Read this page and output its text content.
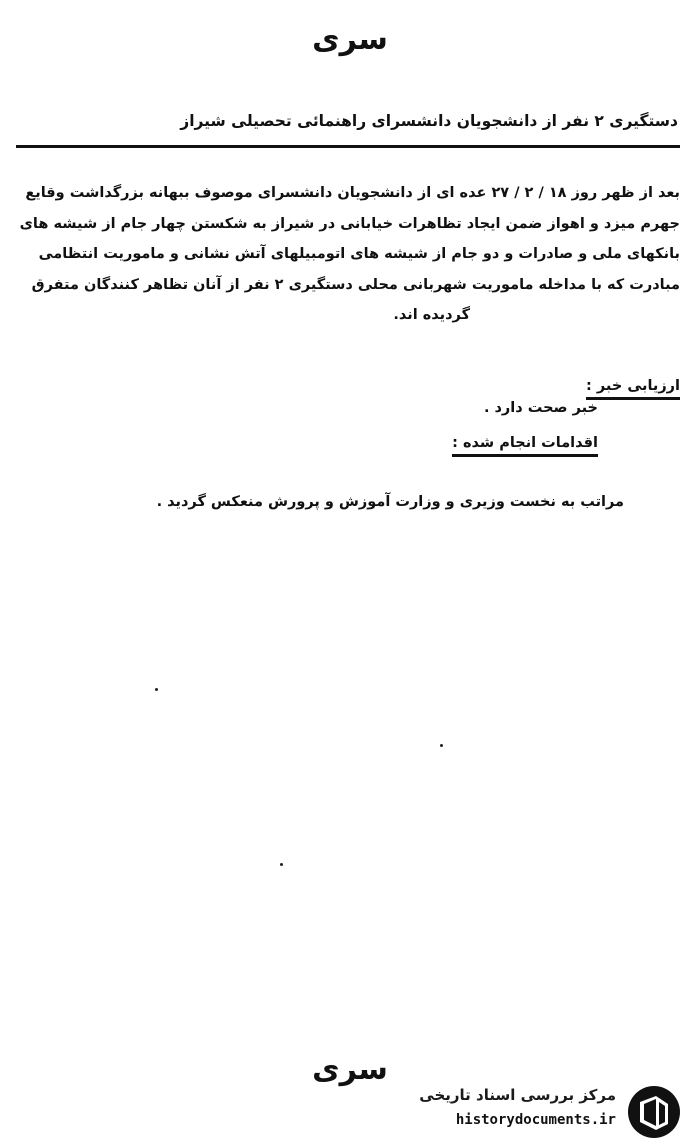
سری
دستگیری ۲ نفر از دانشجویان دانشسرای راهنمائی تحصیلی شیراز
بعد از ظهر روز ۱۸ / ۲ / ۲۷ عده ای از دانشجویان دانشسرای موصوف ببهانه بزرگداشت وقایع
جهرم میزد و اهواز ضمن ایجاد تظاهرات خیابانی در شیراز به شکستن چهار جام از شیشه های
بانکهای ملی و صادرات و دو جام از شیشه های اتومبیلهای آتش نشانی و ماموریت انتظامی
مبادرت که با مداخله ماموریت شهربانی محلی دستگیری ۲ نفر از آنان تظاهر کنندگان متفرق
گردیده اند.
ارزیابی خبر :
خبر صحت دارد .
اقدامات انجام شده :
مراتب به نخست وزیری و وزارت آموزش و پرورش منعکس گردید .
سری
مرکز بررسی اسناد تاریخی
historydocuments.ir
